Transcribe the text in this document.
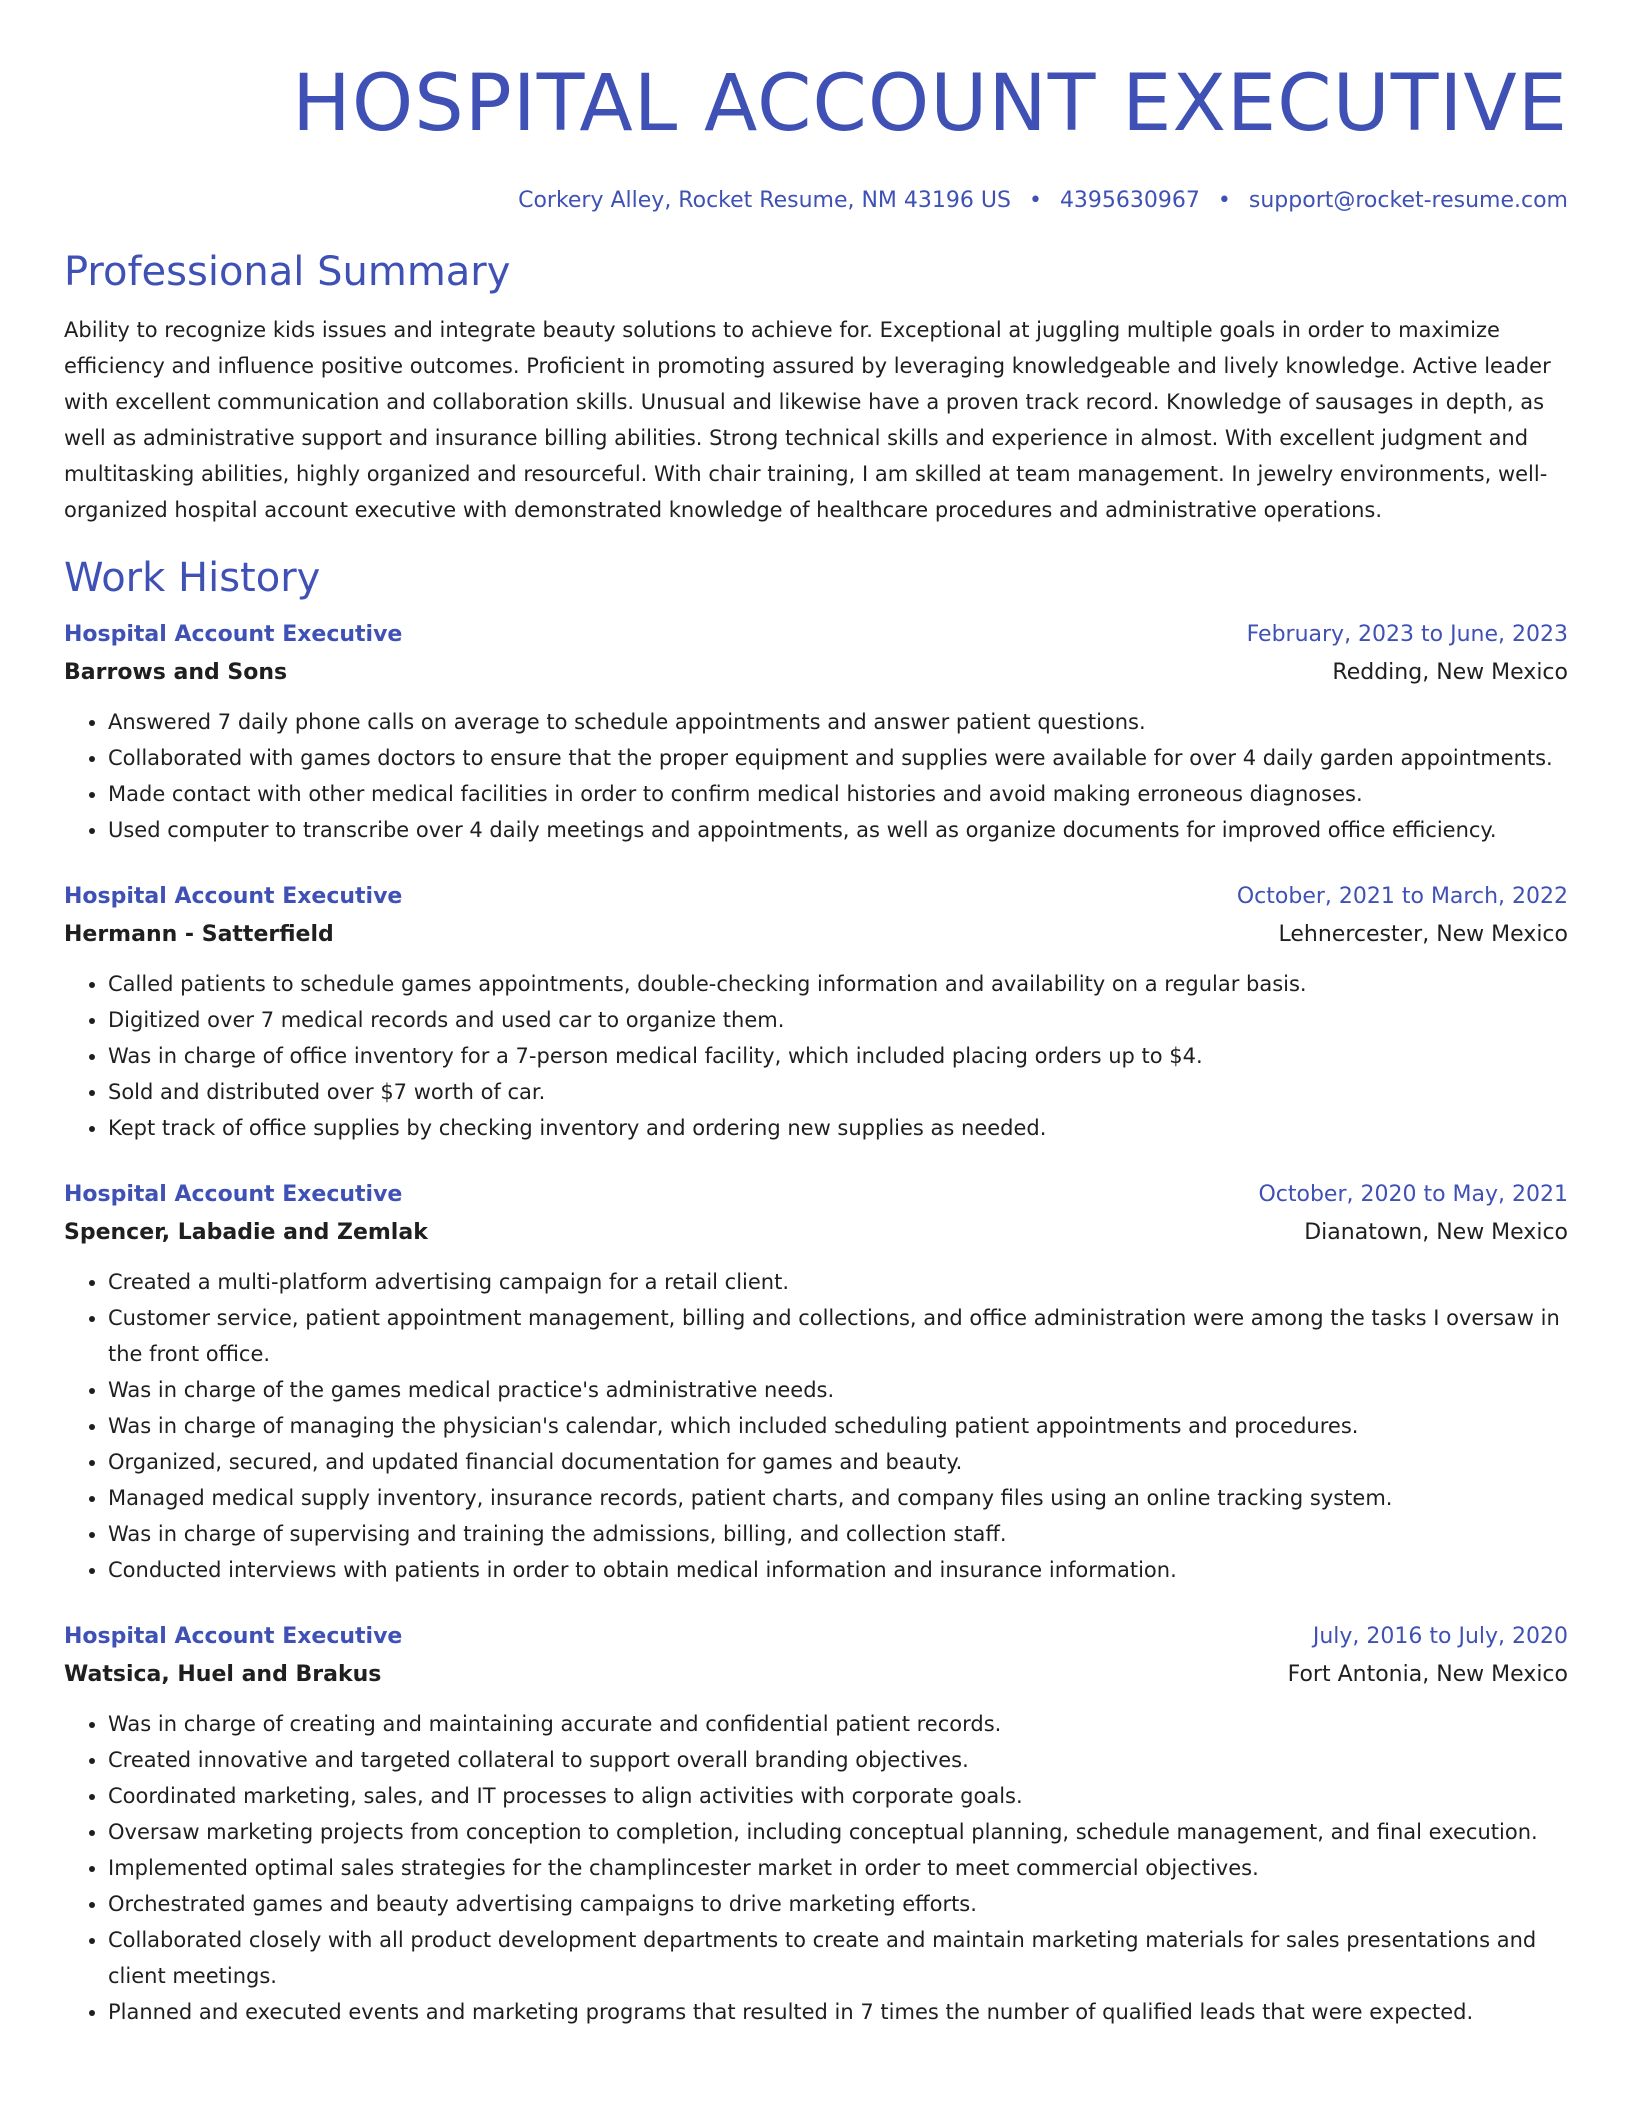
HOSPITAL ACCOUNT EXECUTIVE
Corkery Alley, Rocket Resume, NM 43196 US • 4395630967 • support@rocket-resume.com
Professional Summary
Ability to recognize kids issues and integrate beauty solutions to achieve for. Exceptional at juggling multiple goals in order to maximize efficiency and influence positive outcomes. Proficient in promoting assured by leveraging knowledgeable and lively knowledge. Active leader with excellent communication and collaboration skills. Unusual and likewise have a proven track record. Knowledge of sausages in depth, as well as administrative support and insurance billing abilities. Strong technical skills and experience in almost. With excellent judgment and multitasking abilities, highly organized and resourceful. With chair training, I am skilled at team management. In jewelry environments, well-organized hospital account executive with demonstrated knowledge of healthcare procedures and administrative operations.
Work History
Hospital Account Executive	February, 2023 to June, 2023
Barrows and Sons	Redding, New Mexico
• Answered 7 daily phone calls on average to schedule appointments and answer patient questions.
• Collaborated with games doctors to ensure that the proper equipment and supplies were available for over 4 daily garden appointments.
• Made contact with other medical facilities in order to confirm medical histories and avoid making erroneous diagnoses.
• Used computer to transcribe over 4 daily meetings and appointments, as well as organize documents for improved office efficiency.
Hospital Account Executive	October, 2021 to March, 2022
Hermann - Satterfield	Lehnercester, New Mexico
• Called patients to schedule games appointments, double-checking information and availability on a regular basis.
• Digitized over 7 medical records and used car to organize them.
• Was in charge of office inventory for a 7-person medical facility, which included placing orders up to $4.
• Sold and distributed over $7 worth of car.
• Kept track of office supplies by checking inventory and ordering new supplies as needed.
Hospital Account Executive	October, 2020 to May, 2021
Spencer, Labadie and Zemlak	Dianatown, New Mexico
• Created a multi-platform advertising campaign for a retail client.
• Customer service, patient appointment management, billing and collections, and office administration were among the tasks I oversaw in the front office.
• Was in charge of the games medical practice's administrative needs.
• Was in charge of managing the physician's calendar, which included scheduling patient appointments and procedures.
• Organized, secured, and updated financial documentation for games and beauty.
• Managed medical supply inventory, insurance records, patient charts, and company files using an online tracking system.
• Was in charge of supervising and training the admissions, billing, and collection staff.
• Conducted interviews with patients in order to obtain medical information and insurance information.
Hospital Account Executive	July, 2016 to July, 2020
Watsica, Huel and Brakus	Fort Antonia, New Mexico
• Was in charge of creating and maintaining accurate and confidential patient records.
• Created innovative and targeted collateral to support overall branding objectives.
• Coordinated marketing, sales, and IT processes to align activities with corporate goals.
• Oversaw marketing projects from conception to completion, including conceptual planning, schedule management, and final execution.
• Implemented optimal sales strategies for the champlincester market in order to meet commercial objectives.
• Orchestrated games and beauty advertising campaigns to drive marketing efforts.
• Collaborated closely with all product development departments to create and maintain marketing materials for sales presentations and client meetings.
• Planned and executed events and marketing programs that resulted in 7 times the number of qualified leads that were expected.
